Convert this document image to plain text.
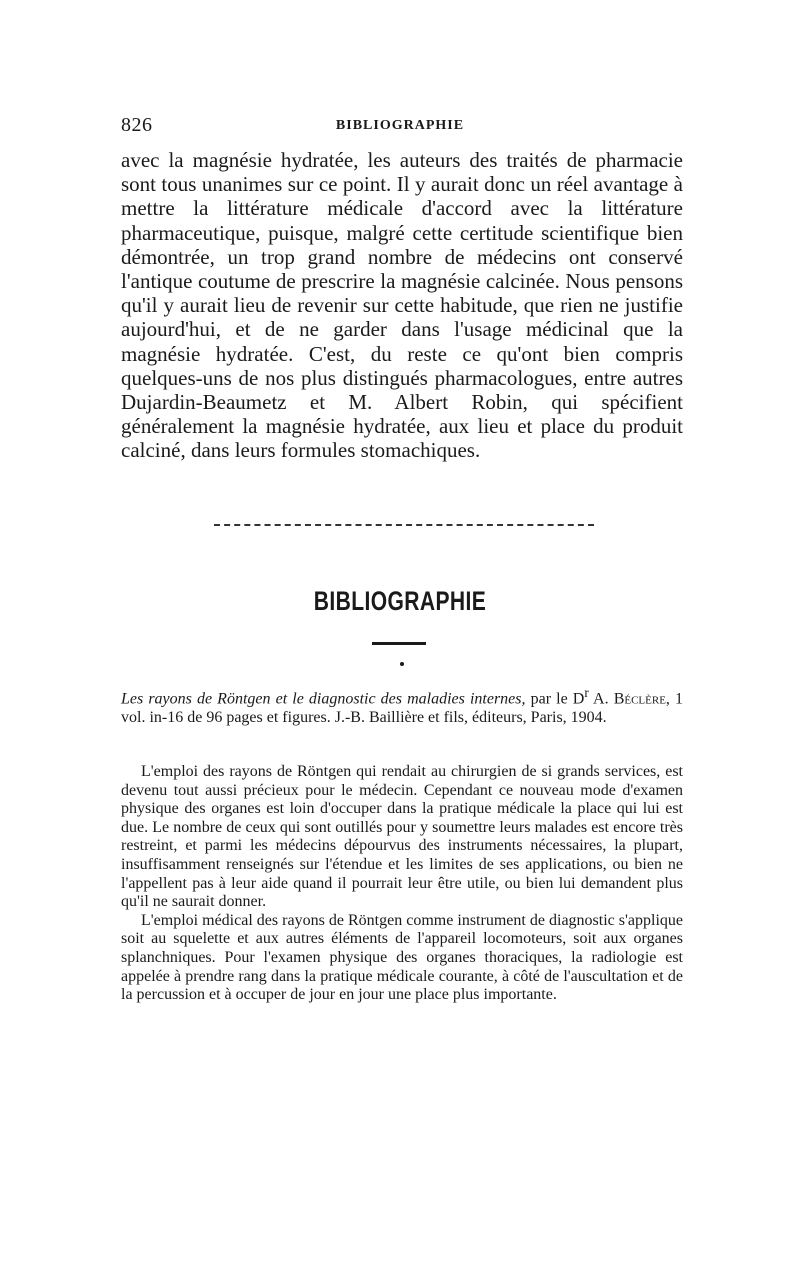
826	BIBLIOGRAPHIE

avec la magnésie hydratée, les auteurs des traités de pharmacie sont tous unanimes sur ce point. Il y aurait donc un réel avantage à mettre la littérature médicale d'accord avec la littérature pharmaceutique, puisque, malgré cette certitude scientifique bien démontrée, un trop grand nombre de médecins ont conservé l'antique coutume de prescrire la magnésie calcinée. Nous pensons qu'il y aurait lieu de revenir sur cette habitude, que rien ne justifie aujourd'hui, et de ne garder dans l'usage médicinal que la magnésie hydratée. C'est, du reste ce qu'ont bien compris quelques-uns de nos plus distingués pharmacologues, entre autres Dujardin-Beaumetz et M. Albert Robin, qui spécifient généralement la magnésie hydratée, aux lieu et place du produit calciné, dans leurs formules stomachiques.

BIBLIOGRAPHIE
Les rayons de Röntgen et le diagnostic des maladies internes, par le $D^r$ A. Béclère, 1 vol. in-16 de 96 pages et figures. J.-B. Baillière et fils, éditeurs, Paris, 1904.

L'emploi des rayons de Röntgen qui rendait au chirurgien de si grands services, est devenu tout aussi précieux pour le médecin. Cependant ce nouveau mode d'examen physique des organes est loin d'occuper dans la pratique médicale la place qui lui est due. Le nombre de ceux qui sont outillés pour y soumettre leurs malades est encore très restreint, et parmi les médecins dépourvus des instruments nécessaires, la plupart, insuffisamment renseignés sur l'étendue et les limites de ses applications, ou bien ne l'appellent pas à leur aide quand il pourrait leur être utile, ou bien lui demandent plus qu'il ne saurait donner.

L'emploi médical des rayons de Röntgen comme instrument de diagnostic s'applique soit au squelette et aux autres éléments de l'appareil locomoteurs, soit aux organes splanchniques. Pour l'examen physique des organes thoraciques, la radiologie est appelée à prendre rang dans la pratique médicale courante, à côté de l'auscultation et de la percussion et à occuper de jour en jour une place plus importante.
